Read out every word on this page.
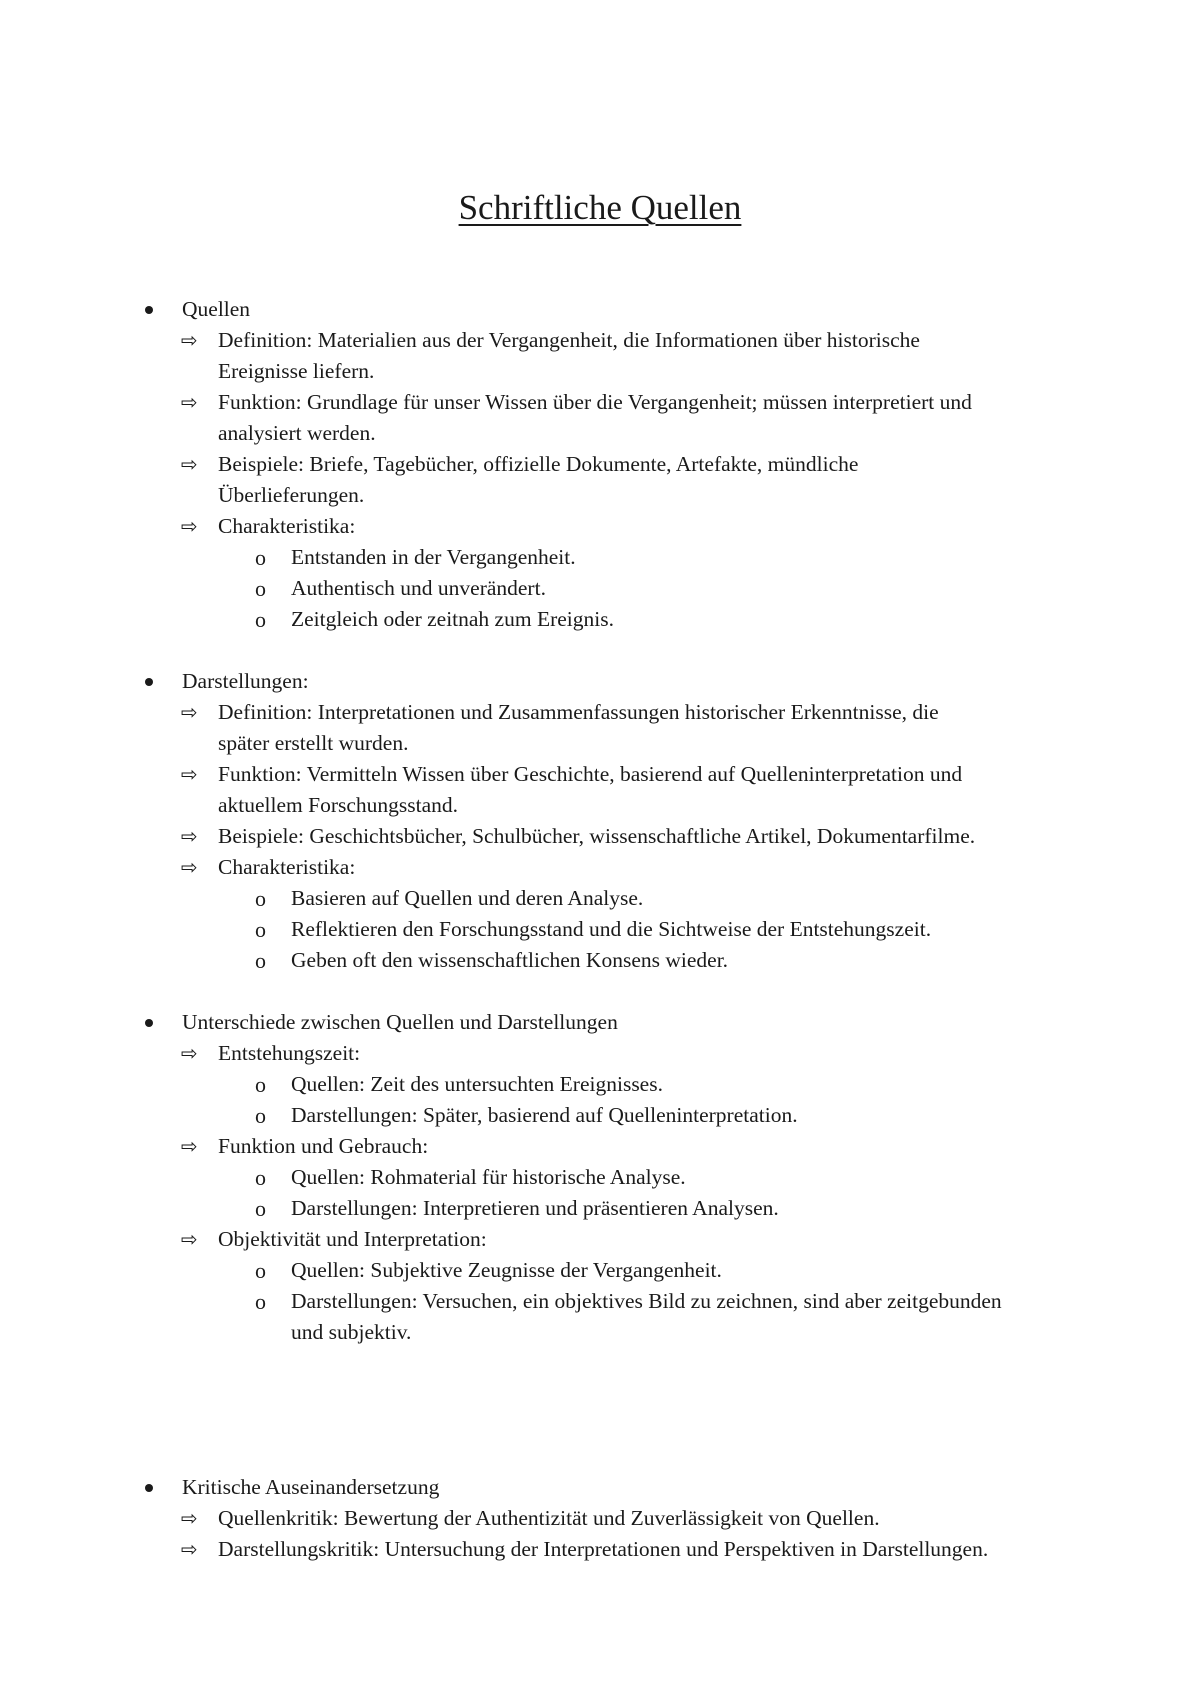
Schriftliche Quellen
Quellen
⇨ Definition: Materialien aus der Vergangenheit, die Informationen über historische
Ereignisse liefern.
⇨ Funktion: Grundlage für unser Wissen über die Vergangenheit; müssen interpretiert und
analysiert werden.
⇨ Beispiele: Briefe, Tagebücher, offizielle Dokumente, Artefakte, mündliche
Überlieferungen.
⇨ Charakteristika:
o Entstanden in der Vergangenheit.
o Authentisch und unverändert.
o Zeitgleich oder zeitnah zum Ereignis.
Darstellungen:
⇨ Definition: Interpretationen und Zusammenfassungen historischer Erkenntnisse, die
später erstellt wurden.
⇨ Funktion: Vermitteln Wissen über Geschichte, basierend auf Quelleninterpretation und
aktuellem Forschungsstand.
⇨ Beispiele: Geschichtsbücher, Schulbücher, wissenschaftliche Artikel, Dokumentarfilme.
⇨ Charakteristika:
o Basieren auf Quellen und deren Analyse.
o Reflektieren den Forschungsstand und die Sichtweise der Entstehungszeit.
o Geben oft den wissenschaftlichen Konsens wieder.
Unterschiede zwischen Quellen und Darstellungen
⇨ Entstehungszeit:
o Quellen: Zeit des untersuchten Ereignisses.
o Darstellungen: Später, basierend auf Quelleninterpretation.
⇨ Funktion und Gebrauch:
o Quellen: Rohmaterial für historische Analyse.
o Darstellungen: Interpretieren und präsentieren Analysen.
⇨ Objektivität und Interpretation:
o Quellen: Subjektive Zeugnisse der Vergangenheit.
o Darstellungen: Versuchen, ein objektives Bild zu zeichnen, sind aber zeitgebunden
und subjektiv.
Kritische Auseinandersetzung
⇨ Quellenkritik: Bewertung der Authentizität und Zuverlässigkeit von Quellen.
⇨ Darstellungskritik: Untersuchung der Interpretationen und Perspektiven in Darstellungen.
